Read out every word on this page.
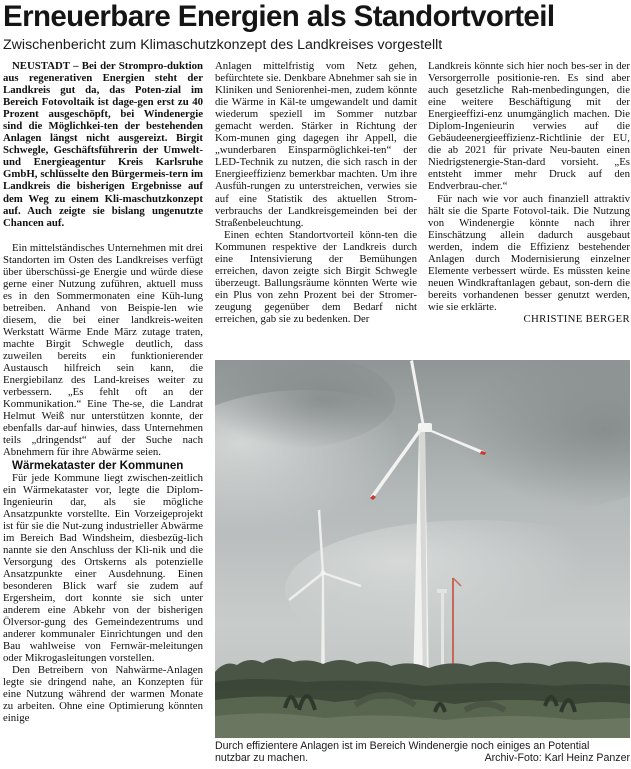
Erneuerbare Energien als Standortvorteil
Zwischenbericht zum Klimaschutzkonzept des Landkreises vorgestellt

NEUSTADT – Bei der Strompro-duktion aus regenerativen Energien steht der Landkreis gut da, das Poten-zial im Bereich Fotovoltaik ist dage-gen erst zu 40 Prozent ausgeschöpft, bei Windenergie sind die Möglichkei-ten der bestehenden Anlagen längst nicht ausgereizt. Birgit Schwegle, Geschäftsführerin der Umwelt- und Energieagentur Kreis Karlsruhe GmbH, schlüsselte den Bürgermeis-tern im Landkreis die bisherigen Ergebnisse auf dem Weg zu einem Kli-maschutzkonzept auf. Auch zeigte sie bislang ungenutzte Chancen auf.

Ein mittelständisches Unternehmen mit drei Standorten im Osten des Landkreises verfügt über überschüssi-ge Energie und würde diese gerne einer Nutzung zuführen, aktuell muss es in den Sommermonaten eine Küh-lung betreiben. Anhand von Beispie-len wie diesem, die bei einer landkreis-weiten Werkstatt Wärme Ende März zutage traten, machte Birgit Schwegle deutlich, dass zuweilen bereits ein funktionierender Austausch hilfreich sein kann, die Energiebilanz des Land-kreises weiter zu verbessern. „Es fehlt oft an der Kommunikation.“ Eine The-se, die Landrat Helmut Weiß nur unterstützen konnte, der ebenfalls dar-auf hinwies, dass Unternehmen teils „dringendst“ auf der Suche nach Abnehmern für ihre Abwärme seien.

Wärmekataster der Kommunen

Für jede Kommune liegt zwischen-zeitlich ein Wärmekataster vor, legte die Diplom-Ingenieurin dar, als sie mögliche Ansatzpunkte vorstellte. Ein Vorzeigeprojekt ist für sie die Nut-zung industrieller Abwärme im Bereich Bad Windsheim, diesbezüg-lich nannte sie den Anschluss der Kli-nik und die Versorgung des Ortskerns als potenzielle Ansatzpunkte einer Ausdehnung. Einen besonderen Blick warf sie zudem auf Ergersheim, dort konnte sie sich unter anderem eine Abkehr von der bisherigen Ölversor-gung des Gemeindezentrums und anderer kommunaler Einrichtungen und den Bau wahlweise von Fernwär-meleitungen oder Mikrogasleitungen vorstellen.

Den Betreibern von Nahwärme-Anlagen legte sie dringend nahe, an Konzepten für eine Nutzung während der warmen Monate zu arbeiten. Ohne eine Optimierung könnten einige

Anlagen mittelfristig vom Netz gehen, befürchtete sie. Denkbare Abnehmer sah sie in Kliniken und Seniorenhei-men, zudem könnte die Wärme in Käl-te umgewandelt und damit wiederum speziell im Sommer nutzbar gemacht werden. Stärker in Richtung der Kom-munen ging dagegen ihr Appell, die „wunderbaren Einsparmöglichkei-ten“ der LED-Technik zu nutzen, die sich rasch in der Energieeffizienz bemerkbar machten. Um ihre Ausfüh-rungen zu unterstreichen, verwies sie auf eine Statistik des aktuellen Strom-verbrauchs der Landkreisgemeinden bei der Straßenbeleuchtung.

Einen echten Standortvorteil könn-ten die Kommunen respektive der Landkreis durch eine Intensivierung der Bemühungen erreichen, davon zeigte sich Birgit Schwegle überzeugt. Ballungsräume könnten Werte wie ein Plus von zehn Prozent bei der Stromer-zeugung gegenüber dem Bedarf nicht erreichen, gab sie zu bedenken. Der

Landkreis könnte sich hier noch bes-ser in der Versorgerrolle positionie-ren. Es sind aber auch gesetzliche Rah-menbedingungen, die eine weitere Beschäftigung mit der Energieeffizi-enz unumgänglich machen. Die Diplom-Ingenieurin verwies auf die Gebäudeenergieeffizienz-Richtlinie der EU, die ab 2021 für private Neu-bauten einen Niedrigstenergie-Stan-dard vorsieht. „Es entsteht immer mehr Druck auf den Endverbrau-cher.“

Für nach wie vor auch finanziell attraktiv hält sie die Sparte Fotovol-taik. Die Nutzung von Windenergie könnte nach ihrer Einschätzung allein dadurch ausgebaut werden, indem die Effizienz bestehender Anlagen durch Modernisierung einzelner Elemente verbessert würde. Es müssten keine neuen Windkraftanlagen gebaut, son-dern die bereits vorhandenen besser genutzt werden, wie sie erklärte.

CHRISTINE BERGER

Durch effizientere Anlagen ist im Bereich Windenergie noch einiges an Potential
nutzbar zu machen.	Archiv-Foto: Karl Heinz Panzer
